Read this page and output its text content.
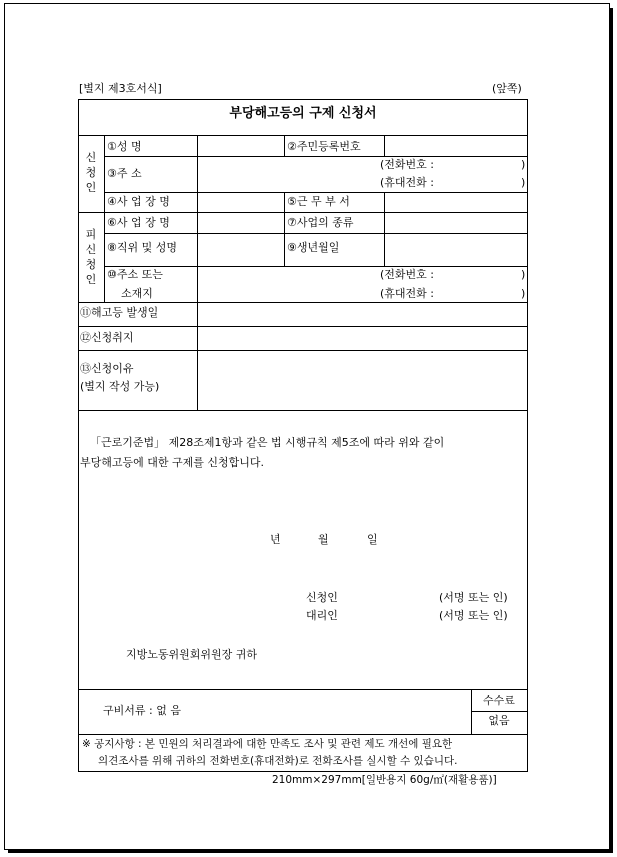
[별지 제3호서식]	(앞쪽)
부당해고등의 구제 신청서
신
청
인
①성 명	②주민등록번호
③주 소
(전화번호 :	)
(휴대전화 :	)
④사 업 장 명	⑤근 무 부 서
피
신
청
인
⑥사 업 장 명	⑦사업의 종류
⑧직위 및 성명	⑨생년월일
⑩주소 또는
소재지
(전화번호 :	)
(휴대전화 :	)
⑪해고등 발생일
⑫신청취지
⑬신청이유
(별지 작성 가능)
「근로기준법」 제28조제1항과 같은 법 시행규칙 제5조에 따라 위와 같이
부당해고등에 대한 구제를 신청합니다.
년	월	일
신청인	(서명 또는 인)
대리인	(서명 또는 인)
지방노동위원회위원장 귀하
구비서류 : 없 음
수수료
없음
※ 공지사항 : 본 민원의 처리결과에 대한 만족도 조사 및 관련 제도 개선에 필요한
의견조사를 위해 귀하의 전화번호(휴대전화)로 전화조사를 실시할 수 있습니다.
210mm×297mm[일반용지 60g/㎡(재활용품)]
